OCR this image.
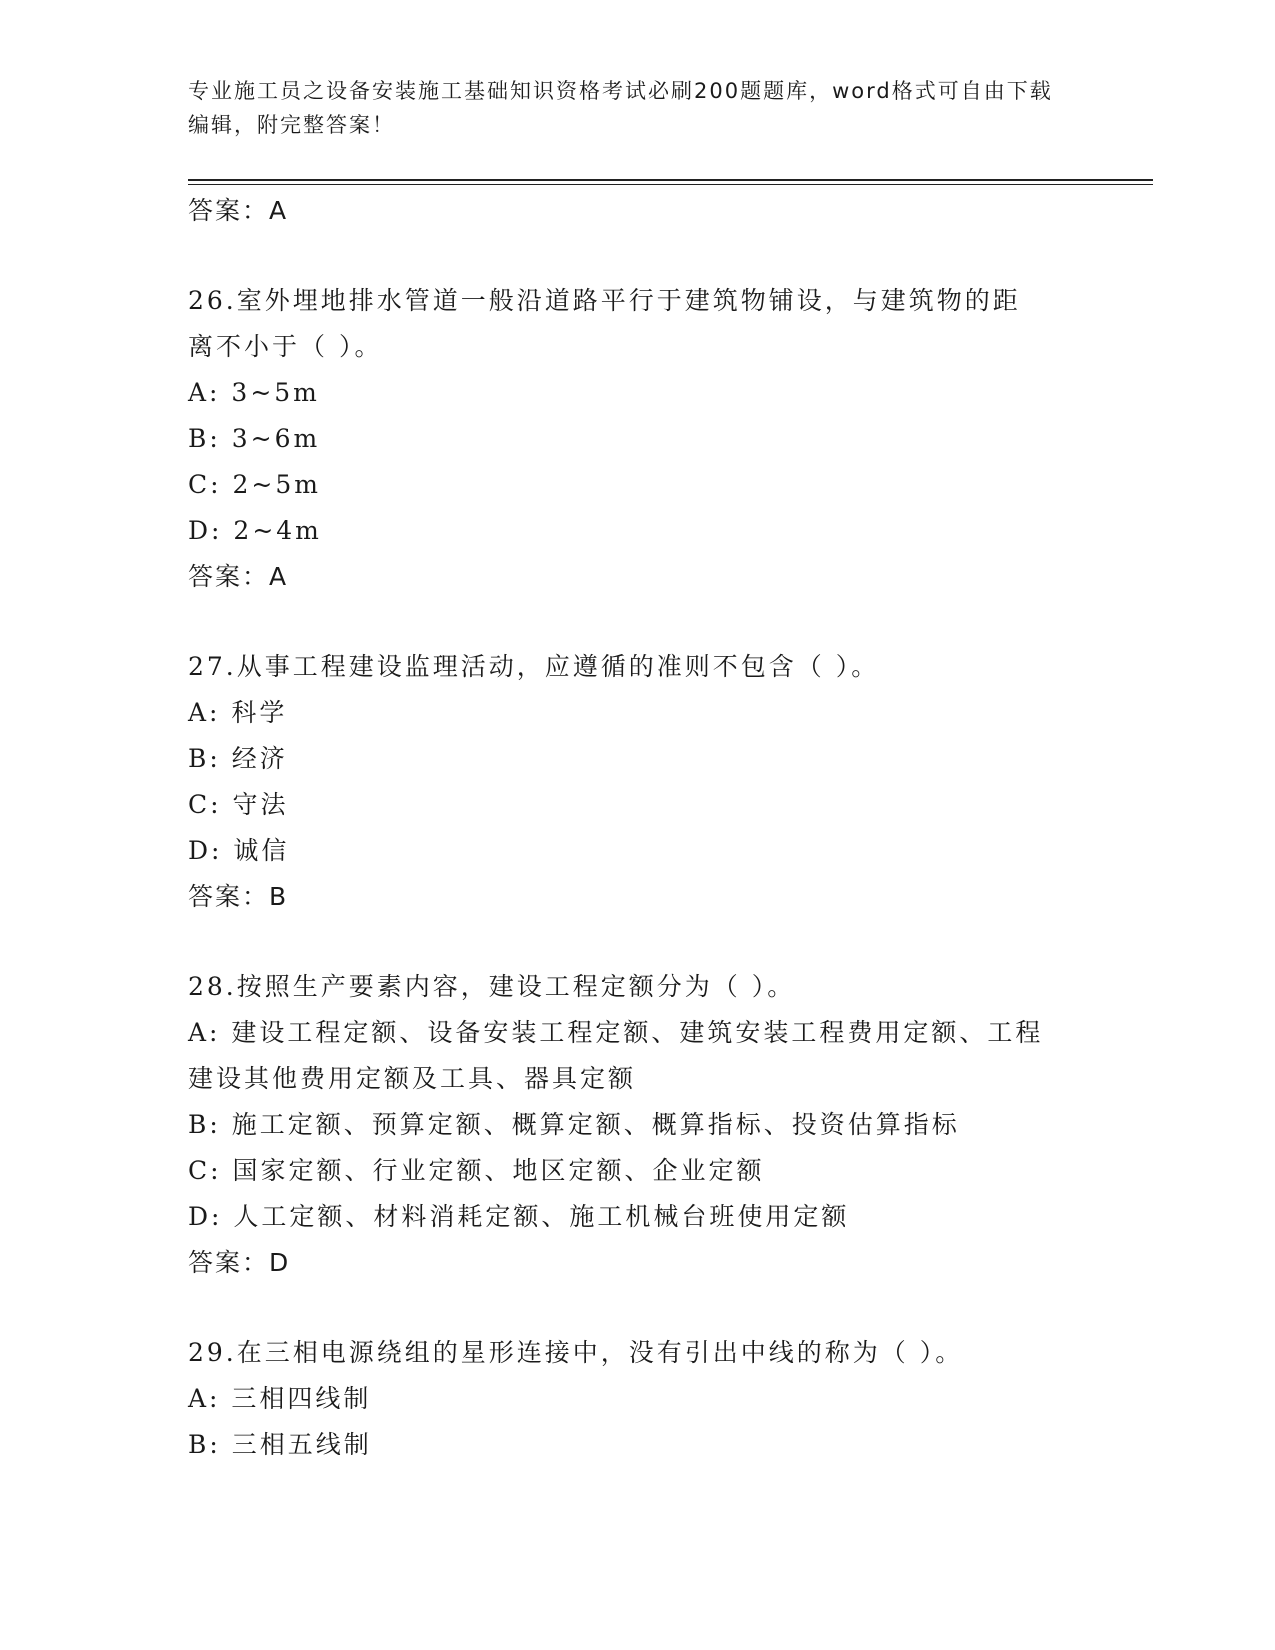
专业施工员之设备安装施工基础知识资格考试必刷200题题库，word格式可自由下载编辑，附完整答案！
答案：A
26.室外埋地排水管道一般沿道路平行于建筑物铺设，与建筑物的距离不小于（ ）。
A: 3~5m
B: 3~6m
C: 2~5m
D: 2~4m
答案：A
27.从事工程建设监理活动，应遵循的准则不包含（ ）。
A: 科学
B: 经济
C: 守法
D: 诚信
答案：B
28.按照生产要素内容，建设工程定额分为（ ）。
A: 建设工程定额、设备安装工程定额、建筑安装工程费用定额、工程建设其他费用定额及工具、器具定额
B: 施工定额、预算定额、概算定额、概算指标、投资估算指标
C: 国家定额、行业定额、地区定额、企业定额
D: 人工定额、材料消耗定额、施工机械台班使用定额
答案：D
29.在三相电源绕组的星形连接中，没有引出中线的称为（ ）。
A: 三相四线制
B: 三相五线制
